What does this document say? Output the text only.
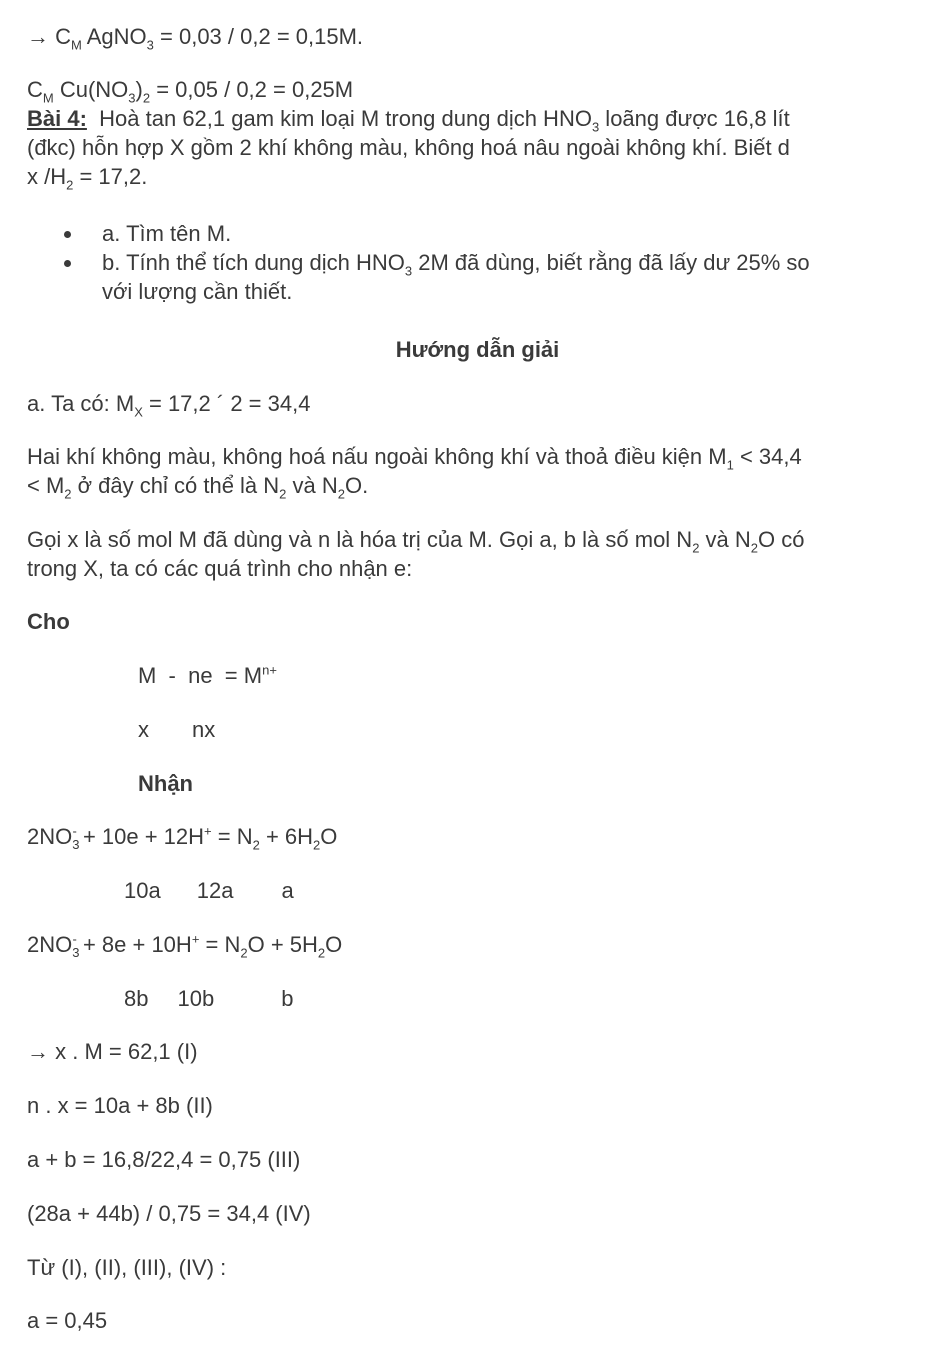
→ $C_M$ AgNO$_3$ = 0,03 / 0,2 = 0,15M.
$C_M$ $Cu(NO_3)_2 = 0,05 / 0,2 = 0,25M$
Bài 4:  Hoà tan 62,1 gam kim loại M trong dung dịch $HNO_3$ loãng được 16,8 lít
(đkc) hỗn hợp X gồm 2 khí không màu, không hoá nâu ngoài không khí. Biết d
x $/H_2 = 17,2$.
a. Tìm tên M.
b. Tính thể tích dung dịch $HNO_3$ 2M đã dùng, biết rằng đã lấy dư 25% so
với lượng cần thiết.
Hướng dẫn giải
a. Ta có: $M_X = 17,2$ ´ 2 = 34,4
Hai khí không màu, không hoá nấu ngoài không khí và thoả điều kiện $M_1 < 34,4$
< $M_2$ ở đây chỉ có thể là $N_2$ và $N_2O$.
Gọi x là số mol M đã dùng và n là hóa trị của M. Gọi a, b là số mol $N_2$ và $N_2O$ có
trong X, ta có các quá trình cho nhận e:
Cho
M  -  ne  = $M^{n+}$
x nx
Nhận
$2NO_3^- + 10e + 12H^+ = N_2 + 6H_2O$
10a 12a a
$2NO_3^- + 8e + 10H^+ = N_2O + 5H_2O$
8b 10b	b
→ x . M = 62,1 (I)
n . x = 10a + 8b (II)
a + b = 16,8/22,4 = 0,75 (III)
(28a + 44b) / 0,75 = 34,4 (IV)
Từ (I), (II), (III), (IV) :
a = 0,45
